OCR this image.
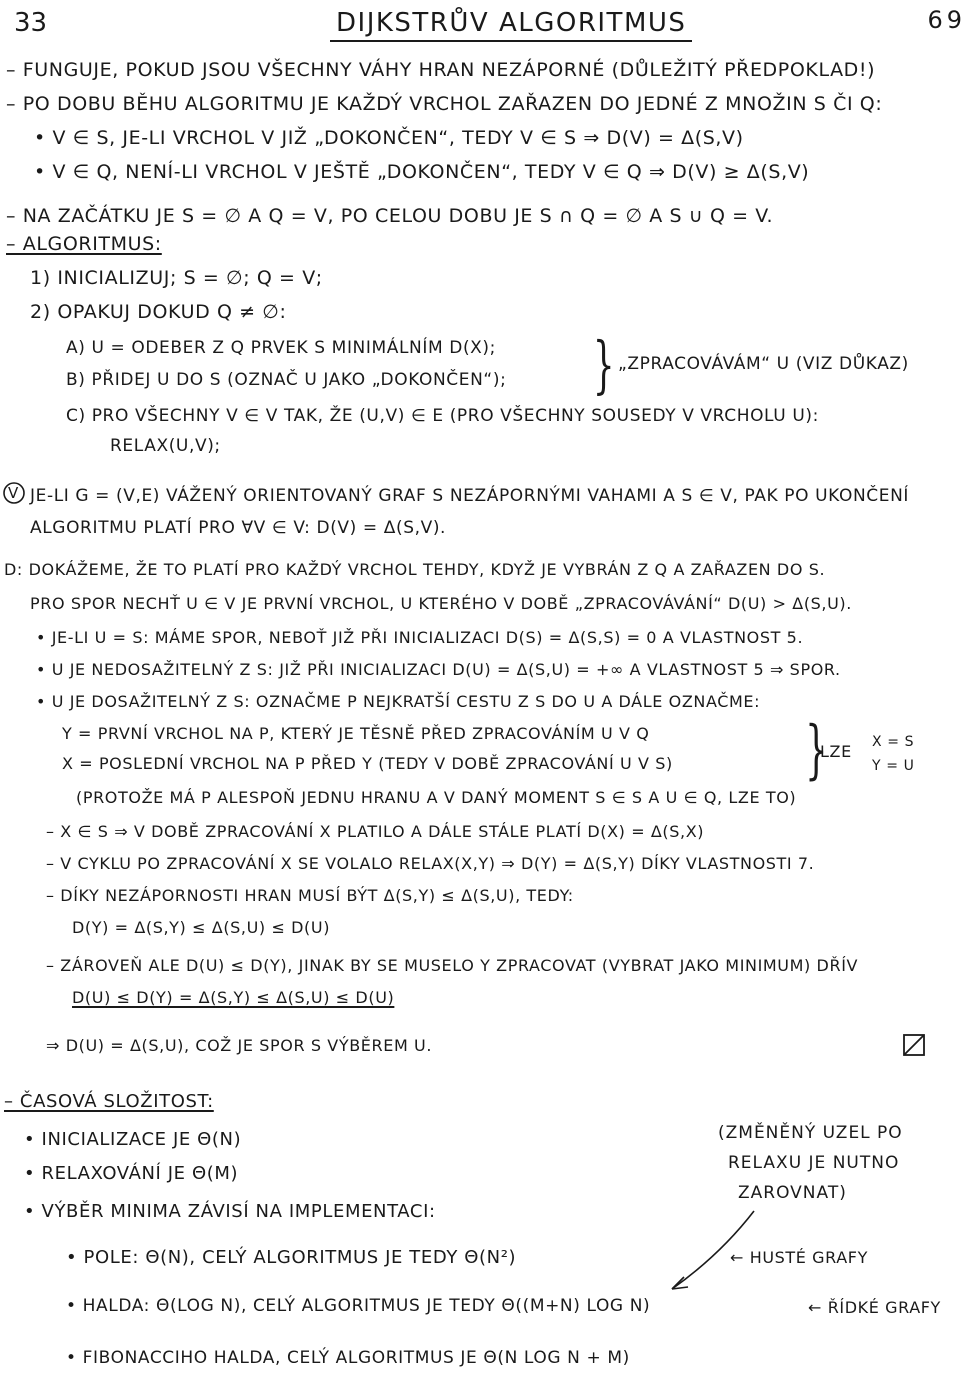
33	DIJKSTRŮV ALGORITMUS	69
– FUNGUJE, POKUD JSOU VŠECHNY VÁHY HRAN NEZÁPORNÉ (DŮLEŽITÝ PŘEDPOKLAD!)
– PO DOBU BĚHU ALGORITMU JE KAŽDÝ VRCHOL ZAŘAZEN DO JEDNÉ Z MNOŽIN S ČI Q:
• V ∈ S, JE-LI VRCHOL V JIŽ „DOKONČEN“, TEDY V ∈ S ⇒ D(V) = Δ(S,V)
• V ∈ Q, NENÍ-LI VRCHOL V JEŠTĚ „DOKONČEN“, TEDY V ∈ Q ⇒ D(V) ≥ Δ(S,V)
– NA ZAČÁTKU JE S = ∅ A Q = V, PO CELOU DOBU JE S ∩ Q = ∅ A S ∪ Q = V.
– ALGORITMUS:
1) INICIALIZUJ; S = ∅; Q = V;
2) OPAKUJ DOKUD Q ≠ ∅:
A) U = ODEBER Z Q PRVEK S MINIMÁLNÍM D(X);
B) PŘIDEJ U DO S (OZNAČ U JAKO „DOKONČEN“); } „ZPRACOVÁVÁM“ U (VIZ DŮKAZ)
C) PRO VŠECHNY V ∈ V TAK, ŽE (U,V) ∈ E (PRO VŠECHNY SOUSEDY V VRCHOLU U):
RELAX(U,V);
V JE-LI G = (V,E) VÁŽENÝ ORIENTOVANÝ GRAF S NEZÁPORNÝMI VAHAMI A S ∈ V, PAK PO UKONČENÍ
ALGORITMU PLATÍ PRO ∀V ∈ V: D(V) = Δ(S,V).
D: DOKÁŽEME, ŽE TO PLATÍ PRO KAŽDÝ VRCHOL TEHDY, KDYŽ JE VYBRÁN Z Q A ZAŘAZEN DO S.
PRO SPOR NECHŤ U ∈ V JE PRVNÍ VRCHOL, U KTERÉHO V DOBĚ „ZPRACOVÁVÁNÍ“ D(U) > Δ(S,U).
• JE-LI U = S: MÁME SPOR, NEBOŤ JIŽ PŘI INICIALIZACI D(S) = Δ(S,S) = 0 A VLASTNOST 5.
• U JE NEDOSAŽITELNÝ Z S: JIŽ PŘI INICIALIZACI D(U) = Δ(S,U) = +∞ A VLASTNOST 5 ⇒ SPOR.
• U JE DOSAŽITELNÝ Z S: OZNAČME P NEJKRATŠÍ CESTU Z S DO U A DÁLE OZNAČME:
Y = PRVNÍ VRCHOL NA P, KTERÝ JE TĚSNĚ PŘED ZPRACOVÁNÍM U V Q
X = POSLEDNÍ VRCHOL NA P PŘED Y (TEDY V DOBĚ ZPRACOVÁNÍ U V S) }
LZE X = S
Y = U
(PROTOŽE MÁ P ALESPOŇ JEDNU HRANU A V DANÝ MOMENT S ∈ S A U ∈ Q, LZE TO)
– X ∈ S ⇒ V DOBĚ ZPRACOVÁNÍ X PLATILO A DÁLE STÁLE PLATÍ D(X) = Δ(S,X)
– V CYKLU PO ZPRACOVÁNÍ X SE VOLALO RELAX(X,Y) ⇒ D(Y) = Δ(S,Y) DÍKY VLASTNOSTI 7.
– DÍKY NEZÁPORNOSTI HRAN MUSÍ BÝT Δ(S,Y) ≤ Δ(S,U), TEDY:
D(Y) = Δ(S,Y) ≤ Δ(S,U) ≤ D(U)
– ZÁROVEŇ ALE D(U) ≤ D(Y), JINAK BY SE MUSELO Y ZPRACOVAT (VYBRAT JAKO MINIMUM) DŘÍV
D(U) ≤ D(Y) = Δ(S,Y) ≤ Δ(S,U) ≤ D(U)
⇒ D(U) = Δ(S,U), COŽ JE SPOR S VÝBĚREM U.
– ČASOVÁ SLOŽITOST:
• INICIALIZACE JE Θ(N)
• RELAXOVÁNÍ JE Θ(M)
• VÝBĚR MINIMA ZÁVISÍ NA IMPLEMENTACI:
• POLE: Θ(N), CELÝ ALGORITMUS JE TEDY Θ(N²)	← HUSTÉ GRAFY
• HALDA: Θ(LOG N), CELÝ ALGORITMUS JE TEDY Θ((M+N) LOG N)	← ŘÍDKÉ GRAFY
• FIBONACCIHO HALDA, CELÝ ALGORITMUS JE Θ(N LOG N + M)
(ZMĚNĚNÝ UZEL PO
RELAXU JE NUTNO
ZAROVNAT)
